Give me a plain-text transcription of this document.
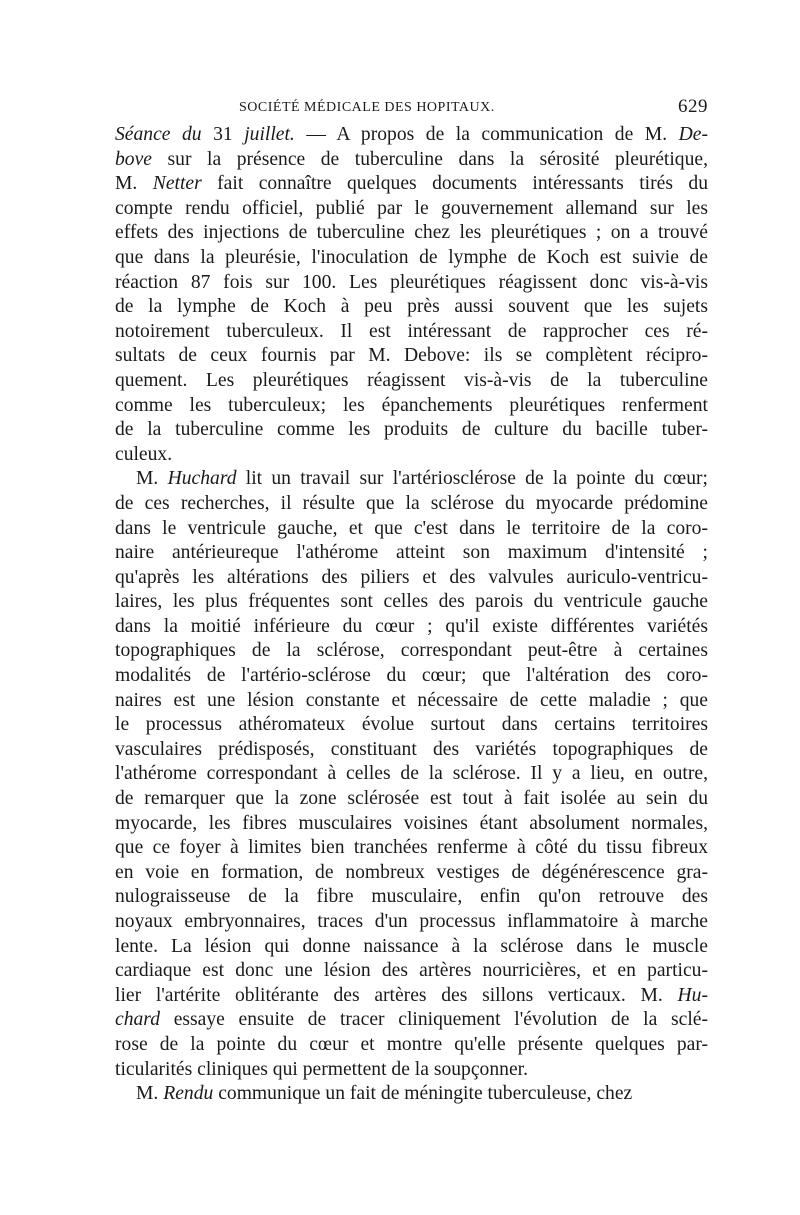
SOCIÉTÉ MÉDICALE DES HOPITAUX.	629
Séance du 31 juillet. — A propos de la communication de M. De-
bove sur la présence de tuberculine dans la sérosité pleurétique,
M. Netter fait connaître quelques documents intéressants tirés du
compte rendu officiel, publié par le gouvernement allemand sur les
effets des injections de tuberculine chez les pleurétiques ; on a trouvé
que dans la pleurésie, l'inoculation de lymphe de Koch est suivie de
réaction 87 fois sur 100. Les pleurétiques réagissent donc vis-à-vis
de la lymphe de Koch à peu près aussi souvent que les sujets
notoirement tuberculeux. Il est intéressant de rapprocher ces ré-
sultats de ceux fournis par M. Debove: ils se complètent récipro-
quement. Les pleurétiques réagissent vis-à-vis de la tuberculine
comme les tuberculeux; les épanchements pleurétiques renferment
de la tuberculine comme les produits de culture du bacille tuber-
culeux.
M. Huchard lit un travail sur l'artériosclérose de la pointe du cœur;
de ces recherches, il résulte que la sclérose du myocarde prédomine
dans le ventricule gauche, et que c'est dans le territoire de la coro-
naire antérieureque l'athérome atteint son maximum d'intensité ;
qu'après les altérations des piliers et des valvules auriculo-ventricu-
laires, les plus fréquentes sont celles des parois du ventricule gauche
dans la moitié inférieure du cœur ; qu'il existe différentes variétés
topographiques de la sclérose, correspondant peut-être à certaines
modalités de l'artério-sclérose du cœur; que l'altération des coro-
naires est une lésion constante et nécessaire de cette maladie ; que
le processus athéromateux évolue surtout dans certains territoires
vasculaires prédisposés, constituant des variétés topographiques de
l'athérome correspondant à celles de la sclérose. Il y a lieu, en outre,
de remarquer que la zone sclérosée est tout à fait isolée au sein du
myocarde, les fibres musculaires voisines étant absolument normales,
que ce foyer à limites bien tranchées renferme à côté du tissu fibreux
en voie en formation, de nombreux vestiges de dégénérescence gra-
nulograisseuse de la fibre musculaire, enfin qu'on retrouve des
noyaux embryonnaires, traces d'un processus inflammatoire à marche
lente. La lésion qui donne naissance à la sclérose dans le muscle
cardiaque est donc une lésion des artères nourricières, et en particu-
lier l'artérite oblitérante des artères des sillons verticaux. M. Hu-
chard essaye ensuite de tracer cliniquement l'évolution de la sclé-
rose de la pointe du cœur et montre qu'elle présente quelques par-
ticularités cliniques qui permettent de la soupçonner.
M. Rendu communique un fait de méningite tuberculeuse, chez
